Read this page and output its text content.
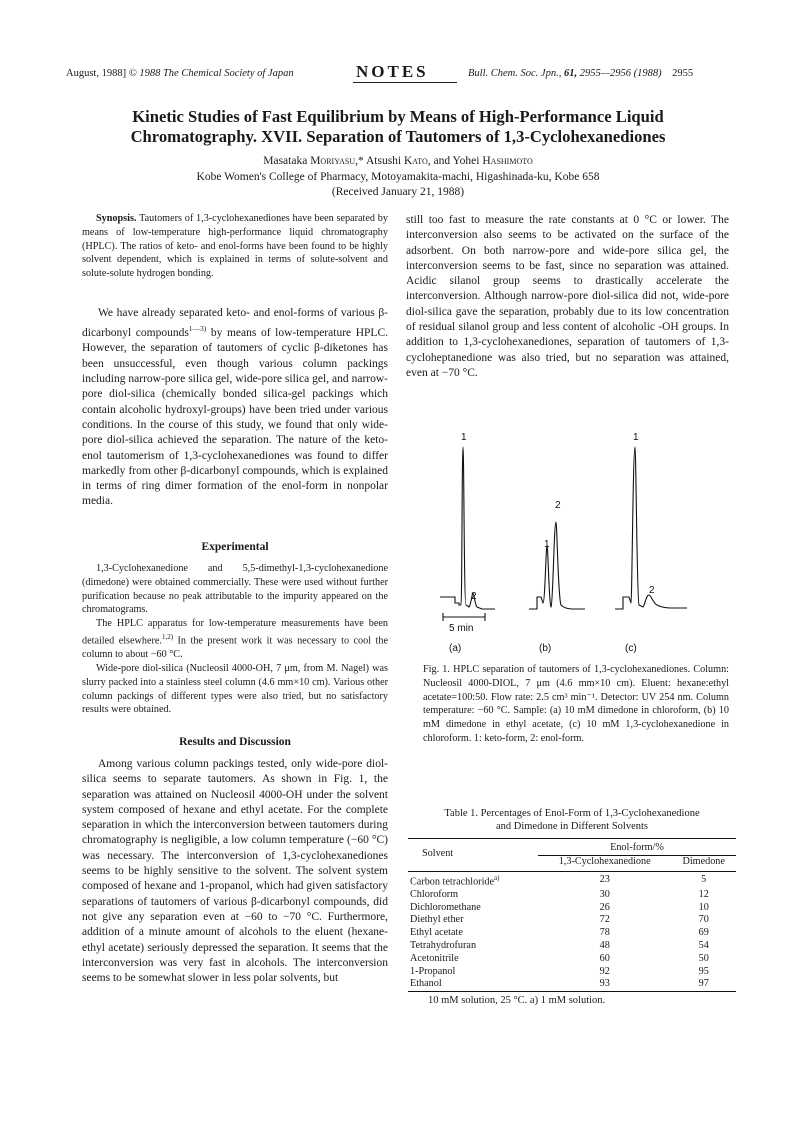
August, 1988] © 1988 The Chemical Society of Japan	NOTES	Bull. Chem. Soc. Jpn., 61, 2955—2956 (1988) 2955
Kinetic Studies of Fast Equilibrium by Means of High-Performance Liquid
Chromatography. XVII. Separation of Tautomers of 1,3-Cyclohexanediones
Masataka Moriyasu,* Atsushi Kato, and Yohei Hashimoto
Kobe Women's College of Pharmacy, Motoyamakita-machi, Higashinada-ku, Kobe 658
(Received January 21, 1988)

Synopsis. Tautomers of 1,3-cyclohexanediones have been separated by means of low-temperature high-performance liquid chromatography (HPLC). The ratios of keto- and enol-forms have been found to be highly solvent dependent, which is explained in terms of solute-solvent and solute-solute hydrogen bonding.

We have already separated keto- and enol-forms of various β-dicarbonyl compounds$^{1—3)}$ by means of low-temperature HPLC. However, the separation of tautomers of cyclic β-diketones has been unsuccessful, even though various column packings including narrow-pore silica gel, wide-pore silica gel, and narrow-pore diol-silica (chemically bonded silica-gel packings which contain alcoholic hydroxyl-groups) have been tried under various conditions. In the course of this study, we found that only wide-pore diol-silica achieved the separation. The nature of the keto-enol tautomerism of 1,3-cyclohexanediones was found to differ markedly from other β-dicarbonyl compounds, which is explained in terms of ring dimer formation of the enol-form in nonpolar media.

Experimental

1,3-Cyclohexanedione and 5,5-dimethyl-1,3-cyclohexanedione (dimedone) were obtained commercially. These were used without further purification because no peak attributable to the impurity appeared on the chromatograms.

The HPLC apparatus for low-temperature measurements have been detailed elsewhere.$^{1,2)}$ In the present work it was necessary to cool the column to about −60 °C.

Wide-pore diol-silica (Nucleosil 4000-OH, 7 μm, from M. Nagel) was slurry packed into a stainless steel column (4.6 mm×10 cm). Various other column packings of different types were also tried, but no satisfactory results were obtained.

Results and Discussion

Among various column packings tested, only wide-pore diol-silica seems to separate tautomers. As shown in Fig. 1, the separation was attained on Nucleosil 4000-OH under the solvent system composed of hexane and ethyl acetate. For the complete separation in which the interconversion between tautomers during chromatography is negligible, a low column temperature (−60 °C) was necessary. The interconversion of 1,3-cyclohexanediones seems to be highly sensitive to the solvent. The solvent system composed of hexane and 1-propanol, which had given satisfactory separations of tautomers of various β-dicarbonyl compounds, did not give any separation even at −60 to −70 °C. Furthermore, addition of a minute amount of alcohols to the eluent (hexane-ethyl acetate) seriously depressed the separation. It seems that the interconversion was very fast in alcohols. The interconversion seems to be somewhat slower in less polar solvents, but

still too fast to measure the rate constants at 0 °C or lower. The interconversion also seems to be activated on the surface of the adsorbent. On both narrow-pore and wide-pore silica gel, the interconversion seems to be fast, since no separation was attained. Acidic silanol group seems to drastically accelerate the interconversion. Although narrow-pore diol-silica did not, wide-pore diol-silica gave the separation, probably due to its low concentration of residual silanol group and less content of alcoholic -OH groups. In addition to 1,3-cyclohexanediones, separation of tautomers of 1,3-cycloheptanedione was also tried, but no separation was attained, even at −70 °C.

1
2
1
2
1
2
5 min
(a)	(b)	(c)
Fig. 1. HPLC separation of tautomers of 1,3-cyclohexanediones. Column: Nucleosil 4000-DIOL, 7 μm (4.6 mm×10 cm). Eluent: hexane:ethyl acetate=100:50. Flow rate: 2.5 cm³ min⁻¹. Detector: UV 254 nm. Column temperature: −60 °C. Sample: (a) 10 mM dimedone in chloroform, (b) 10 mM dimedone in ethyl acetate, (c) 10 mM 1,3-cyclohexanedione in chloroform. 1: keto-form, 2: enol-form.
Table 1. Percentages of Enol-Form of 1,3-Cyclohexanedione
and Dimedone in Different Solvents
Solvent	Enol-form/%	
	1,3-Cyclohexanedione	Dimedone
Carbon tetrachloride$^{a)}$	23	5
Chloroform	30	12
Dichloromethane	26	10
Diethyl ether	72	70
Ethyl acetate	78	69
Tetrahydrofuran	48	54
Acetonitrile	60	50
1-Propanol	92	95
Ethanol	93	97
10 mM solution, 25 °C. a) 1 mM solution.
